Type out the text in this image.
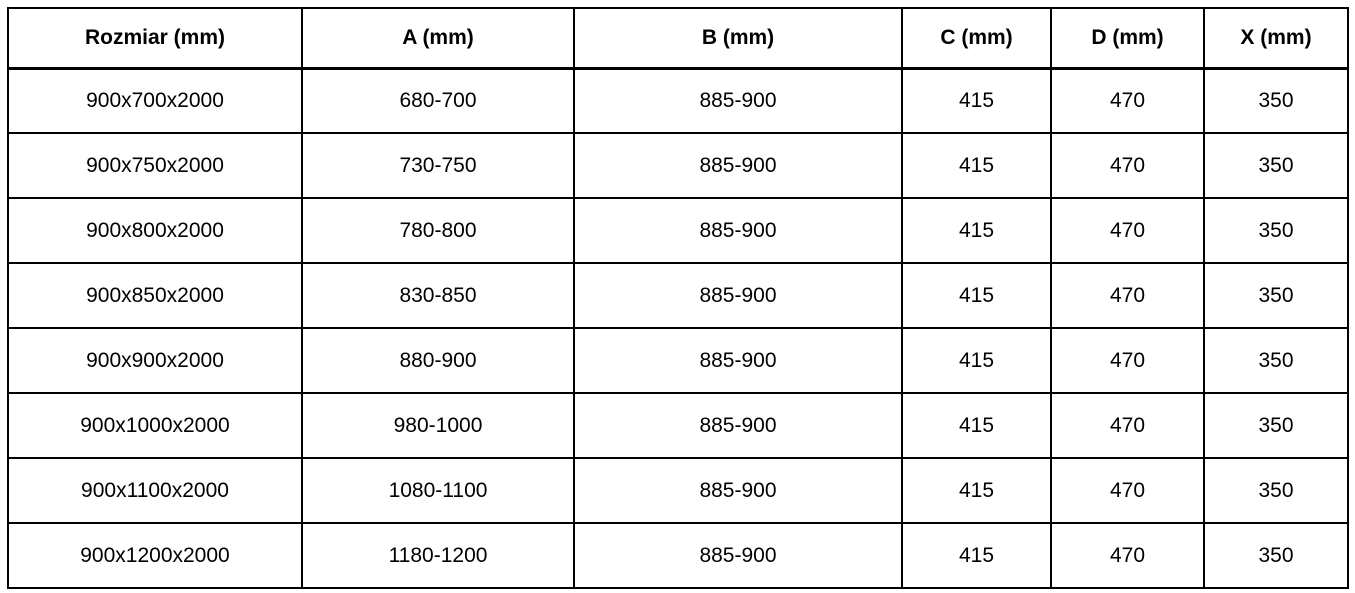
Rozmiar (mm)	A (mm)	B (mm)	C (mm)	D (mm)	X (mm)
900x700x2000	680-700	885-900	415	470	350
900x750x2000	730-750	885-900	415	470	350
900x800x2000	780-800	885-900	415	470	350
900x850x2000	830-850	885-900	415	470	350
900x900x2000	880-900	885-900	415	470	350
900x1000x2000	980-1000	885-900	415	470	350
900x1100x2000	1080-1100	885-900	415	470	350
900x1200x2000	1180-1200	885-900	415	470	350
